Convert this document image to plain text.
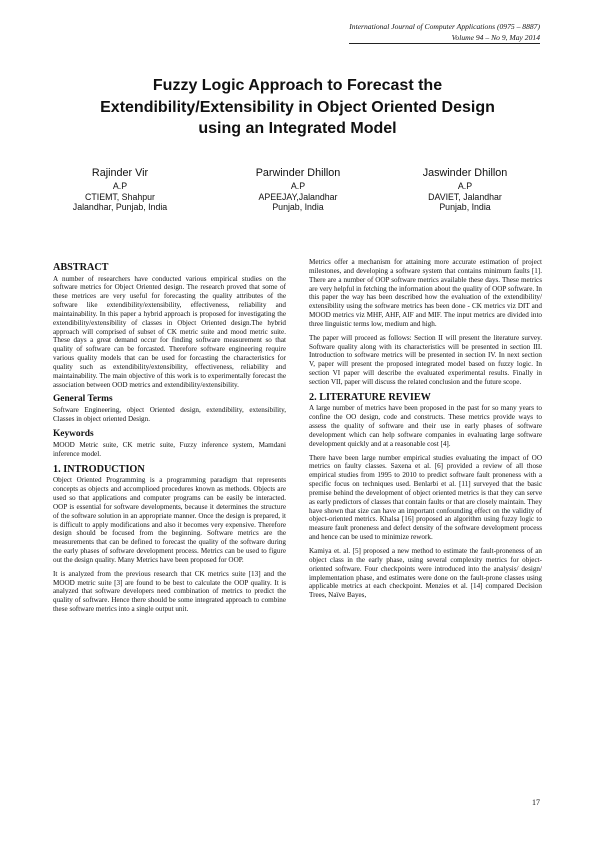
International Journal of Computer Applications (0975 – 8887)
Volume 94 – No 9, May 2014
Fuzzy Logic Approach to Forecast the
Extendibility/Extensibility in Object Oriented Design
using an Integrated Model
Rajinder Vir
A.P
CTIEMT, Shahpur
Jalandhar, Punjab, India
Parwinder Dhillon
A.P
APEEJAY,Jalandhar
Punjab, India
Jaswinder Dhillon
A.P
DAVIET, Jalandhar
Punjab, India
ABSTRACT

A number of researchers have conducted various empirical studies on the software metrics for Object Oriented design. The research proved that some of these metrices are very useful for forecasting the quality attributes of the software like extendibility/extensibility, effectiveness, reliability and maintainability. In this paper a hybrid approach is proposed for investigating the extendibility/extensibility of classes in Object Oriented design.The hybrid approach will comprised of subset of CK metric suite and mood metric suite. These days a great demand occur for finding software measurement so that quality of software can be forcasted. Therefore software engineering require various quality models that can be used for forcasting the characteristics for quality such as extendibility/extensibility, effectiveness, reliability and maintainability. The main objective of this work is to experimentally forecast the association between OOD metrics and extendibility/extensibility.

General Terms

Software Engineering, object Oriented design, extendibility, extensibility, Classes in object oriented Design.

Keywords

MOOD Metric suite, CK metric suite, Fuzzy inference system, Mamdani inference model.

1. INTRODUCTION

Object Oriented Programming is a programming paradigm that represents concepts as objects and accomplioed procedures known as methods. Objects are used so that applications and computer programs can be easily be interacted. OOP is essential for software developments, because it determines the structure of the software solution in an appropriate manner. Once the design is prepared, it is difficult to apply modifications and also it becomes very expensive. Therefore design should be focused from the beginning. Software metrics are the measurements that can be defined to forecast the quality of the software during the early phases of software development process. Metrics can be used to figure out the design quality. Many Metrics have been proposed for OOP.

It is analyzed from the previous research that CK metrics suite [13] and the MOOD metric suite [3] are found to be best to calculate the OOP quality. It is analyzed that software developers need combination of metrics to predict the quality of software. Hence there should be some integrated approach to combine these software metrics into a single output unit.

Metrics offer a mechanism for attaining more accurate estimation of project milestones, and developing a software system that contains minimum faults [1]. There are a number of OOP software metrics available these days. These metrics are very helpful in fetching the information about the quality of OOP software. In this paper the way has been described how the evaluation of the extendibility/ extensibility using the software metrics has been done - CK metrics viz DIT and MOOD metrics viz MHF, AHF, AIF and MIF. The input metrics are divided into three linguistic terms low, medium and high.

The paper will proceed as follows: Section II will present the literature survey. Software quality along with its characteristics will be presented in section III. Introduction to software metrics will be presented in section IV. In next section V, paper will present the proposed integrated model based on fuzzy logic. In section VI paper will describe the evaluated experimental results. Finally in section VII, paper will discuss the related conclusion and the future scope.

2. LITERATURE REVIEW

A large number of metrics have been proposed in the past for so many years to confine the OO design, code and constructs. These metrics provide ways to assess the quality of software and their use in early phases of software development which can help software companies in evaluating large software development quickly and at a reasonable cost [4].

There have been large number empirical studies evaluating the impact of OO metrics on faulty classes. Saxena et al. [6] provided a review of all those empirical studies from 1995 to 2010 to predict software fault proneness with a specific focus on techniques used. Benlarbi et al. [11] surveyed that the basic premise behind the development of object oriented metrics is that they can serve as early predictors of classes that contain faults or that are closely maintain. They have shown that size can have an important confounding effect on the validity of object-oriented metrics. Khalsa [16] proposed an algorithm using fuzzy logic to measure fault proneness and defect density of the software development process and hence can be used to minimize rework.

Kamiya et. al. [5] proposed a new method to estimate the fault-proneness of an object class in the early phase, using several complexity metrics for object-oriented software. Four checkpoints were introduced into the analysis/ design/ implementation phase, and estimates were done on the fault-prone classes using applicable metrics at each checkpoint. Menzies et al. [14] compared Decision Trees, Naïve Bayes,

17
